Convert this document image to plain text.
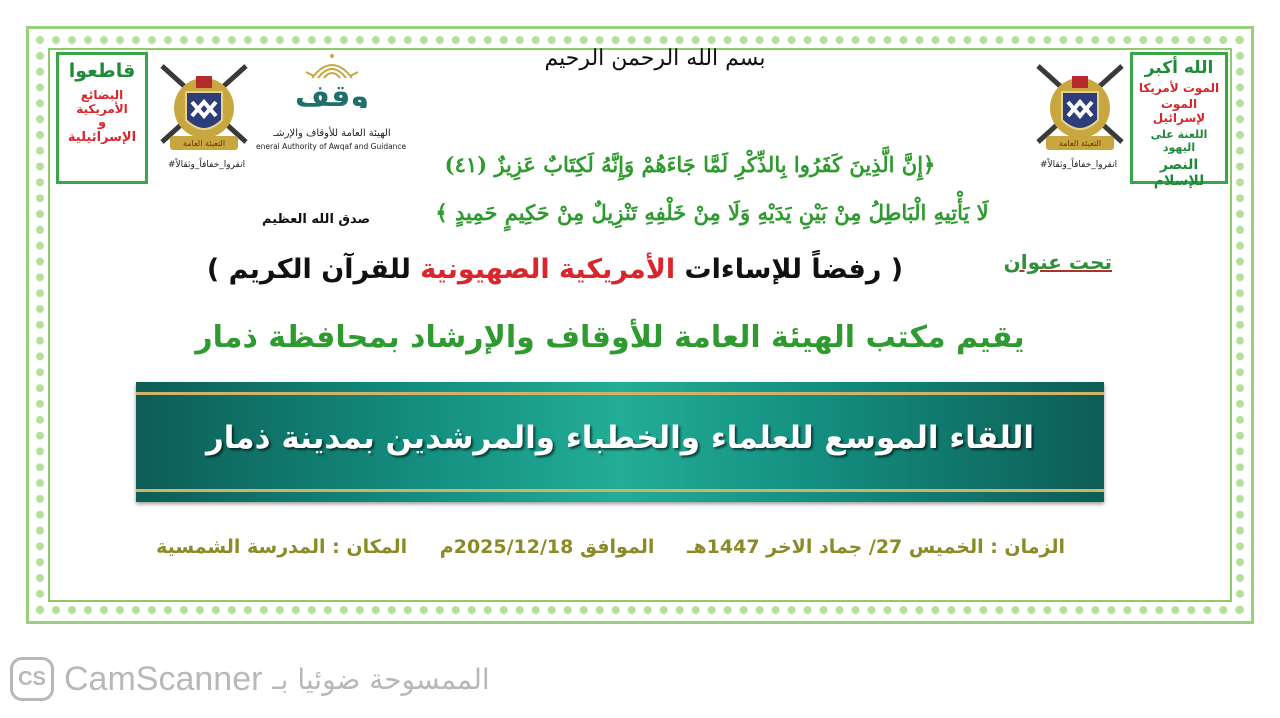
قاطعوا
البضائع الأمريكية
و
الإسرائيلية
الله أكبر
الموت لأمريكا
الموت لإسرائيل
اللعنة على اليهود
النصر للإسلام
التعبئة العامة
#انفروا_خفافاً_وثقالاً
التعبئة العامة
#انفروا_خفافاً_وثقالاً
وقف
الهيئة العامة للأوقاف والإرشـ
eneral Authority of Awqaf and Guidance
بسم الله الرحمن الرحيم
﴿إِنَّ الَّذِينَ كَفَرُوا بِالذِّكْرِ لَمَّا جَاءَهُمْ وَإِنَّهُ لَكِتَابٌ عَزِيزٌ (٤١)
لَا يَأْتِيهِ الْبَاطِلُ مِنْ بَيْنِ يَدَيْهِ وَلَا مِنْ خَلْفِهِ تَنْزِيلٌ مِنْ حَكِيمٍ حَمِيدٍ ﴾
صدق الله العظيم
تحت عنوان
( رفضاً للإساءات الأمريكية الصهيونية للقرآن الكريم )
يقيم مكتب الهيئة العامة للأوقاف والإرشاد بمحافظة ذمار
اللقاء الموسع للعلماء والخطباء والمرشدين بمدينة ذمار
الزمان : الخميس 27/ جماد الاخر 1447هـ الموافق 2025/12/18م المكان : المدرسة الشمسية
CS CamScanner الممسوحة ضوئيا بـ
